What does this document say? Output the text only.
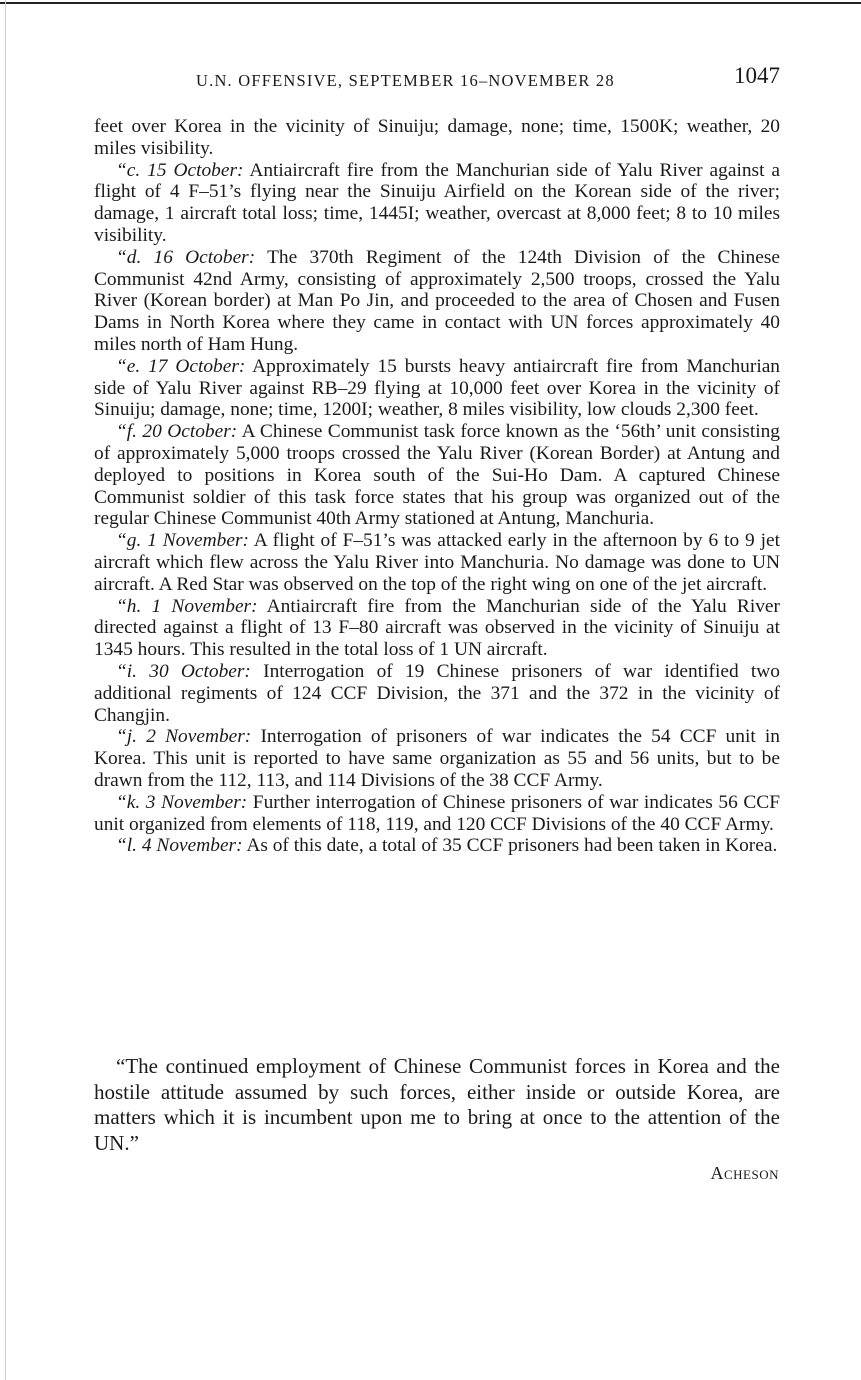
U.N. OFFENSIVE, SEPTEMBER 16–NOVEMBER 28	1047

feet over Korea in the vicinity of Sinuiju; damage, none; time, 1500K; weather, 20 miles visibility.

“c. 15 October: Antiaircraft fire from the Manchurian side of Yalu River against a flight of 4 F–51’s flying near the Sinuiju Airfield on the Korean side of the river; damage, 1 aircraft total loss; time, 1445I; weather, overcast at 8,000 feet; 8 to 10 miles visibility.

“d. 16 October: The 370th Regiment of the 124th Division of the Chinese Communist 42nd Army, consisting of approximately 2,500 troops, crossed the Yalu River (Korean border) at Man Po Jin, and proceeded to the area of Chosen and Fusen Dams in North Korea where they came in contact with UN forces approximately 40 miles north of Ham Hung.

“e. 17 October: Approximately 15 bursts heavy antiaircraft fire from Manchurian side of Yalu River against RB–29 flying at 10,000 feet over Korea in the vicinity of Sinuiju; damage, none; time, 1200I; weather, 8 miles visibility, low clouds 2,300 feet.

“f. 20 October: A Chinese Communist task force known as the ‘56th’ unit consisting of approximately 5,000 troops crossed the Yalu River (Korean Border) at Antung and deployed to positions in Korea south of the Sui-Ho Dam. A captured Chinese Communist soldier of this task force states that his group was organized out of the regular Chinese Communist 40th Army stationed at Antung, Manchuria.

“g. 1 November: A flight of F–51’s was attacked early in the afternoon by 6 to 9 jet aircraft which flew across the Yalu River into Manchuria. No damage was done to UN aircraft. A Red Star was observed on the top of the right wing on one of the jet aircraft.

“h. 1 November: Antiaircraft fire from the Manchurian side of the Yalu River directed against a flight of 13 F–80 aircraft was observed in the vicinity of Sinuiju at 1345 hours. This resulted in the total loss of 1 UN aircraft.

“i. 30 October: Interrogation of 19 Chinese prisoners of war identified two additional regiments of 124 CCF Division, the 371 and the 372 in the vicinity of Changjin.

“j. 2 November: Interrogation of prisoners of war indicates the 54 CCF unit in Korea. This unit is reported to have same organization as 55 and 56 units, but to be drawn from the 112, 113, and 114 Divisions of the 38 CCF Army.

“k. 3 November: Further interrogation of Chinese prisoners of war indicates 56 CCF unit organized from elements of 118, 119, and 120 CCF Divisions of the 40 CCF Army.

“l. 4 November: As of this date, a total of 35 CCF prisoners had been taken in Korea.

“The continued employment of Chinese Communist forces in Korea and the hostile attitude assumed by such forces, either inside or outside Korea, are matters which it is incumbent upon me to bring at once to the attention of the UN.”

Acheson
